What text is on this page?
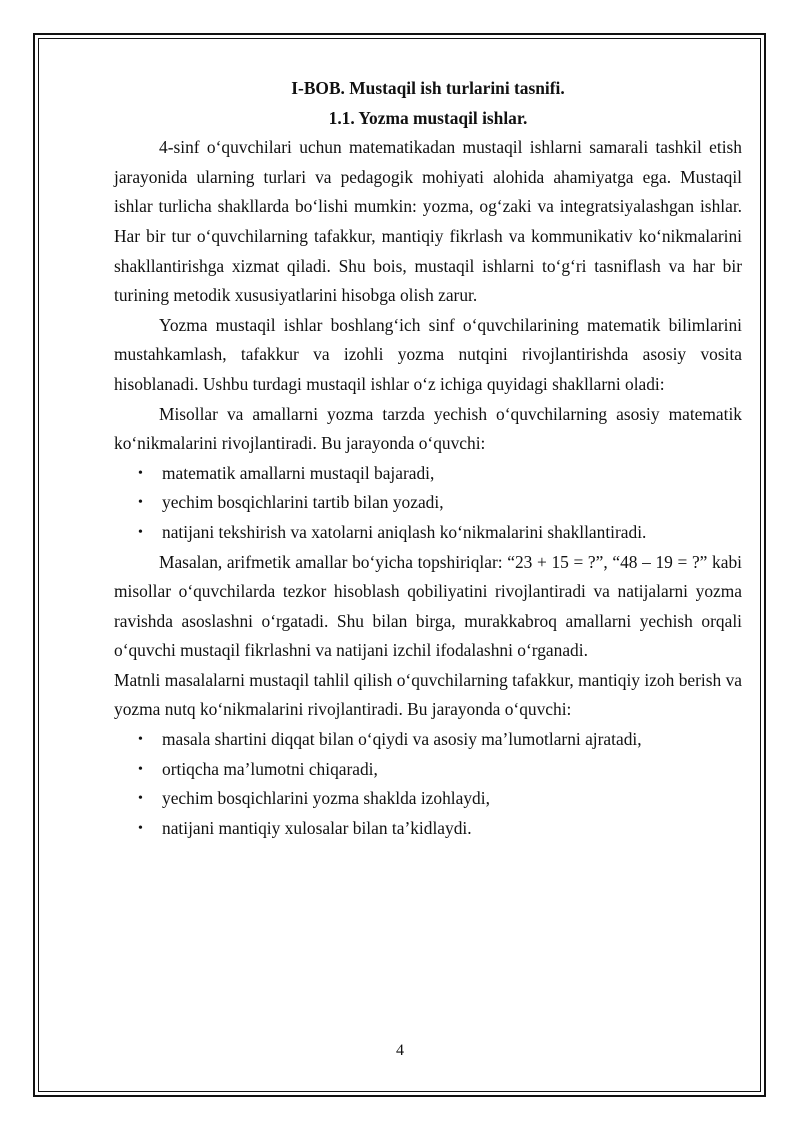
I-BOB. Mustaqil ish turlarini tasnifi.

1.1. Yozma mustaqil ishlar.

4-sinf o‘quvchilari uchun matematikadan mustaqil ishlarni samarali tashkil etish jarayonida ularning turlari va pedagogik mohiyati alohida ahamiyatga ega. Mustaqil ishlar turlicha shakllarda bo‘lishi mumkin: yozma, og‘zaki va integratsiyalashgan ishlar. Har bir tur o‘quvchilarning tafakkur, mantiqiy fikrlash va kommunikativ ko‘nikmalarini shakllantirishga xizmat qiladi. Shu bois, mustaqil ishlarni to‘g‘ri tasniflash va har bir turining metodik xususiyatlarini hisobga olish zarur.

Yozma mustaqil ishlar boshlang‘ich sinf o‘quvchilarining matematik bilimlarini mustahkamlash, tafakkur va izohli yozma nutqini rivojlantirishda asosiy vosita hisoblanadi. Ushbu turdagi mustaqil ishlar o‘z ichiga quyidagi shakllarni oladi:

Misollar va amallarni yozma tarzda yechish o‘quvchilarning asosiy matematik ko‘nikmalarini rivojlantiradi. Bu jarayonda o‘quvchi:

• matematik amallarni mustaqil bajaradi,
• yechim bosqichlarini tartib bilan yozadi,
• natijani tekshirish va xatolarni aniqlash ko‘nikmalarini shakllantiradi.

Masalan, arifmetik amallar bo‘yicha topshiriqlar: “23 + 15 = ?”, “48 – 19 = ?” kabi misollar o‘quvchilarda tezkor hisoblash qobiliyatini rivojlantiradi va natijalarni yozma ravishda asoslashni o‘rgatadi. Shu bilan birga, murakkabroq amallarni yechish orqali o‘quvchi mustaqil fikrlashni va natijani izchil ifodalashni o‘rganadi.

Matnli masalalarni mustaqil tahlil qilish o‘quvchilarning tafakkur, mantiqiy izoh berish va yozma nutq ko‘nikmalarini rivojlantiradi. Bu jarayonda o‘quvchi:

• masala shartini diqqat bilan o‘qiydi va asosiy ma’lumotlarni ajratadi,
• ortiqcha ma’lumotni chiqaradi,
• yechim bosqichlarini yozma shaklda izohlaydi,
• natijani mantiqiy xulosalar bilan ta’kidlaydi.
4
